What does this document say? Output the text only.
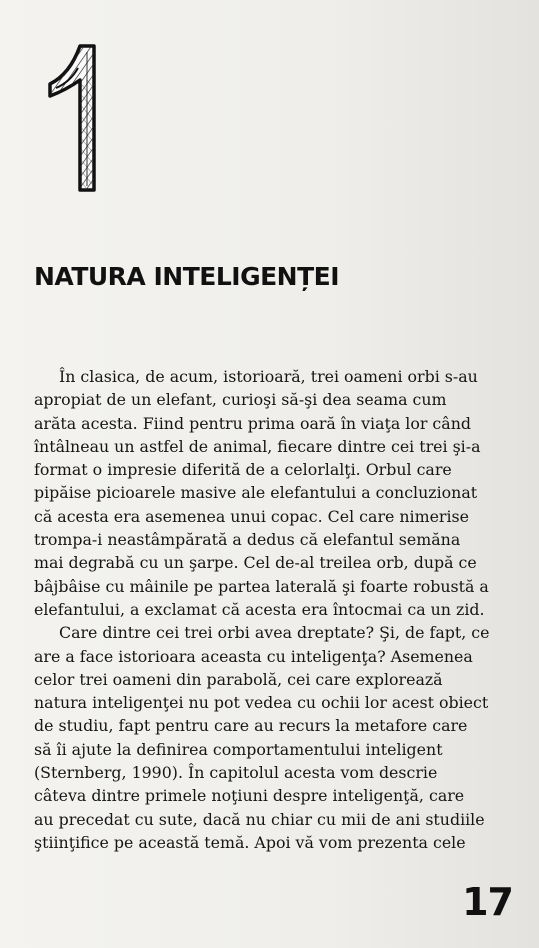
NATURA INTELIGENȚEI
În clasica, de acum, istorioară, trei oameni orbi s-au
apropiat de un elefant, curioşi să-şi dea seama cum
arăta acesta. Fiind pentru prima oară în viaţa lor când
întâlneau un astfel de animal, fiecare dintre cei trei şi-a
format o impresie diferită de a celorlalţi. Orbul care
pipăise picioarele masive ale elefantului a concluzionat
că acesta era asemenea unui copac. Cel care nimerise
trompa-i neastâmpărată a dedus că elefantul semăna
mai degrabă cu un şarpe. Cel de-al treilea orb, după ce
bâjbâise cu mâinile pe partea laterală şi foarte robustă a
elefantului, a exclamat că acesta era întocmai ca un zid.
Care dintre cei trei orbi avea dreptate? Şi, de fapt, ce
are a face istorioara aceasta cu inteligenţa? Asemenea
celor trei oameni din parabolă, cei care explorează
natura inteligenţei nu pot vedea cu ochii lor acest obiect
de studiu, fapt pentru care au recurs la metafore care
să îi ajute la definirea comportamentului inteligent
(Sternberg, 1990). În capitolul acesta vom descrie
câteva dintre primele noţiuni despre inteligenţă, care
au precedat cu sute, dacă nu chiar cu mii de ani studiile
ştiinţifice pe această temă. Apoi vă vom prezenta cele
17
